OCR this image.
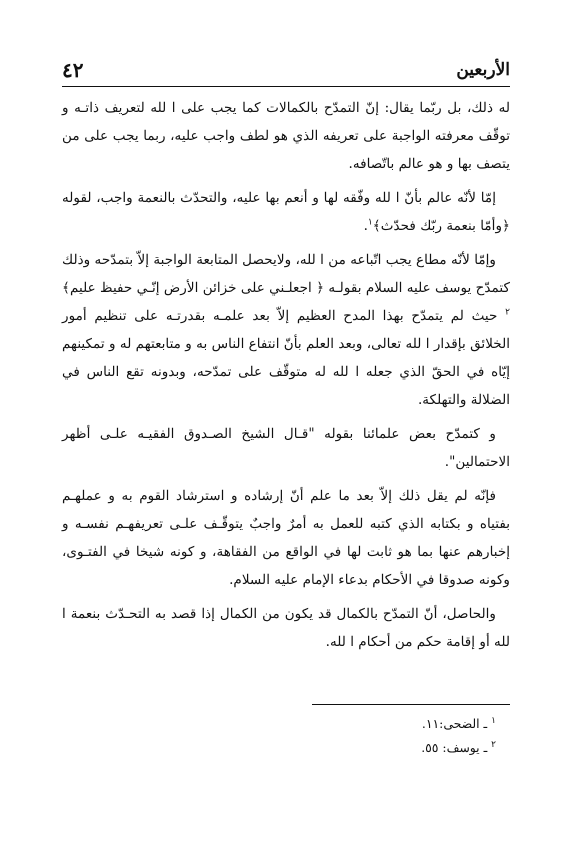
الأربعين
٤٢

له ذلك، بل ربّما يقال: إنّ التمدّح بالكمالات كما يجب على ا لله لتعريف ذاتـه و توقّف معرفته الواجبة على تعريفه الذي هو لطف واجب عليه، ربما يجب على من يتصف بها و هو عالم باتّصافه.

إمّا لأنّه عالم بأنّ ا لله وفّقه لها و أنعم بها عليه، والتحدّث بالنعمة واجب، لقوله ﴿وأمّا بنعمة ربّك فحدّث﴾$^١$.

وإمّا لأنّه مطاع يجب اتّباعه من ا لله، ولايحصل المتابعة الواجبة إلاّ بتمدّحه وذلك كتمدّح يوسف عليه السلام بقولـه ﴿ اجعلـني على خزائن الأرض إنّـي حفيظ عليم﴾$^٢$ حيث لم يتمدّح بهذا المدح العظيم إلاّ بعد علمـه بقدرتـه على تنظيم أمور الخلائق بإقدار ا لله تعالى، وبعد العلم بأنّ انتفاع الناس به و متابعتهم له و تمكينهم إيّاه في الحقّ الذي جعله ا لله له متوقّف على تمدّحه، وبدونه تقع الناس في الضلالة والتهلكة.

و كتمدّح بعض علمائنا بقوله "قـال الشيخ الصـدوق الفقيـه علـى أظهر الاحتمالين".

فإنّه لم يقل ذلك إلاّ بعد ما علم أنّ إرشاده و استرشاد القوم به و عملهـم بفتياه و بكتابه الذي كتبه للعمل به أمرٌ واجبٌ يتوقّـف علـى تعريفهـم نفسـه و إخبارهم عنها بما هو ثابت لها في الواقع من الفقاهة، و كونه شيخا في الفتـوى، وكونه صدوقا في الأحكام بدعاء الإمام عليه السلام.

والحاصل، أنّ التمدّح بالكمال قد يكون من الكمال إذا قصد به التحـدّث بنعمة ا لله أو إقامة حكم من أحكام ا لله.

$^١$ ـ الضحى:١١.

$^٢$ ـ يوسف: ٥٥.
